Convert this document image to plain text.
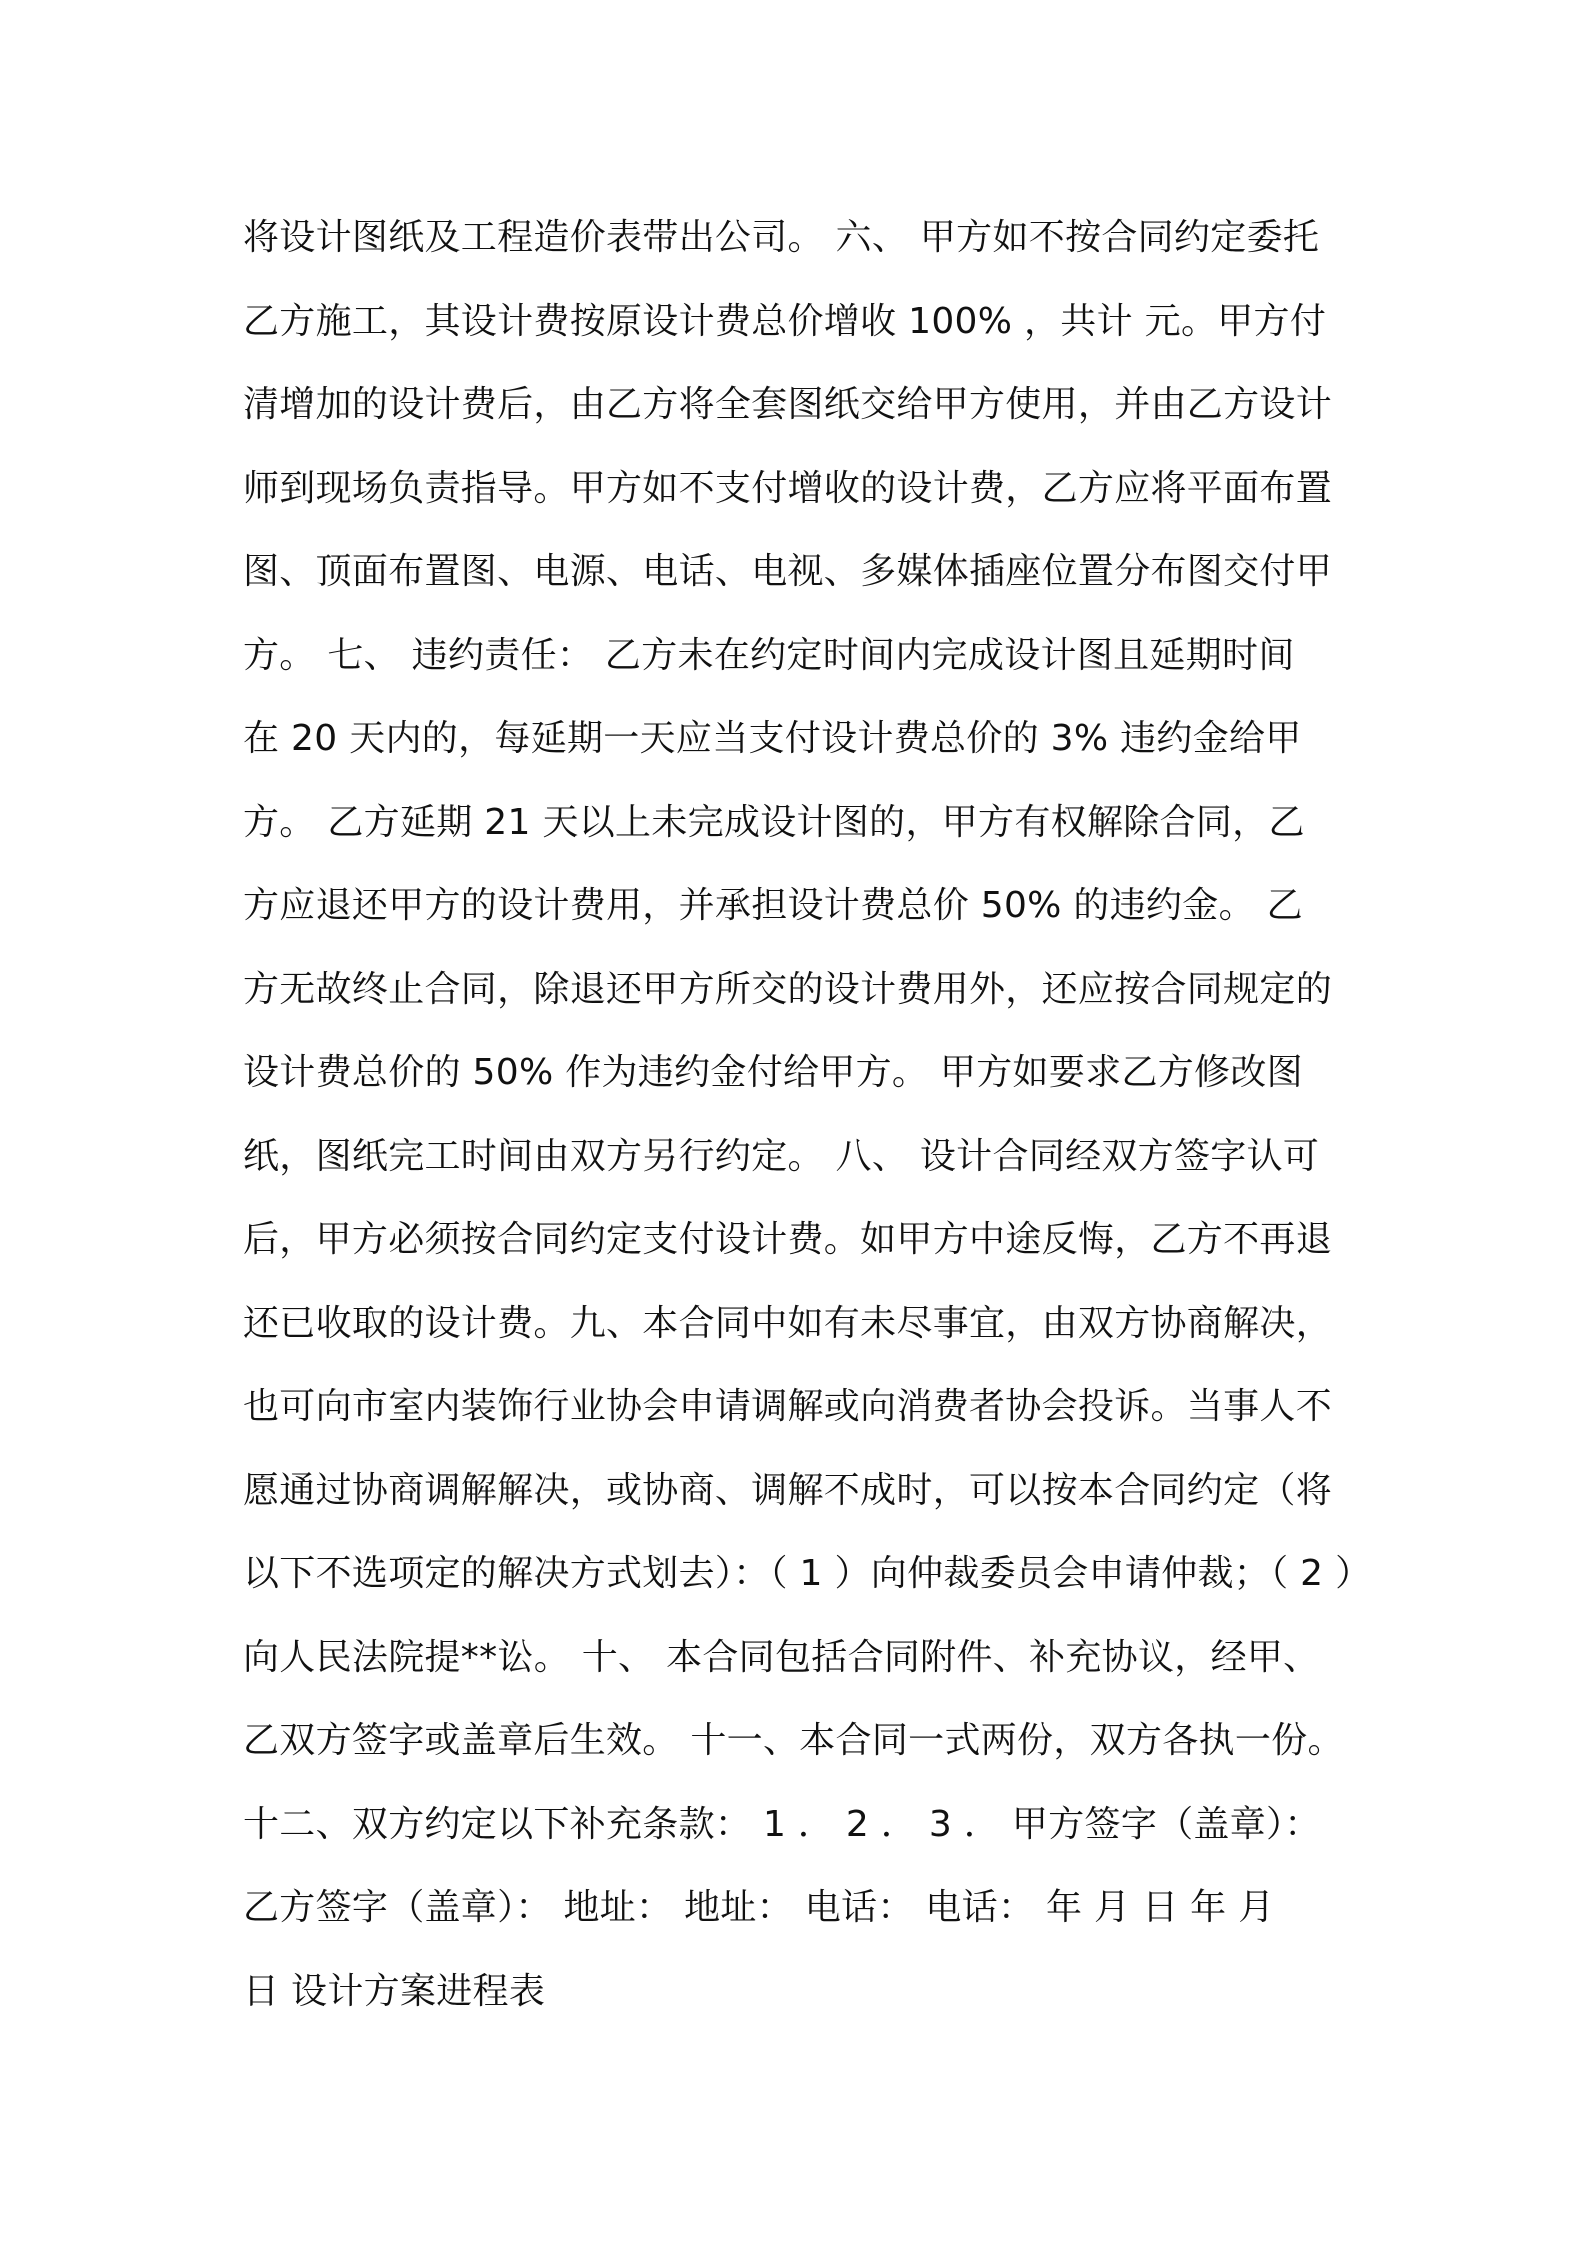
将设计图纸及工程造价表带出公司。 六、 甲方如不按合同约定委托
乙方施工，其设计费按原设计费总价增收 100% ，共计 元。甲方付
清增加的设计费后，由乙方将全套图纸交给甲方使用，并由乙方设计
师到现场负责指导。甲方如不支付增收的设计费，乙方应将平面布置
图、顶面布置图、电源、电话、电视、多媒体插座位置分布图交付甲
方。 七、 违约责任： 乙方未在约定时间内完成设计图且延期时间
在 20 天内的，每延期一天应当支付设计费总价的 3% 违约金给甲
方。 乙方延期 21 天以上未完成设计图的，甲方有权解除合同，乙
方应退还甲方的设计费用，并承担设计费总价 50% 的违约金。 乙
方无故终止合同，除退还甲方所交的设计费用外，还应按合同规定的
设计费总价的 50% 作为违约金付给甲方。 甲方如要求乙方修改图
纸，图纸完工时间由双方另行约定。 八、 设计合同经双方签字认可
后，甲方必须按合同约定支付设计费。如甲方中途反悔，乙方不再退
还已收取的设计费。九、本合同中如有未尽事宜，由双方协商解决，
也可向市室内装饰行业协会申请调解或向消费者协会投诉。当事人不
愿通过协商调解解决，或协商、调解不成时，可以按本合同约定（将
以下不选项定的解决方式划去）：（ 1 ）向仲裁委员会申请仲裁；（ 2 ）
向人民法院提**讼。 十、 本合同包括合同附件、补充协议，经甲、
乙双方签字或盖章后生效。 十一、本合同一式两份，双方各执一份。
十二、双方约定以下补充条款： 1 ． 2 ． 3 ． 甲方签字（盖章）：
乙方签字（盖章）： 地址： 地址： 电话： 电话： 年 月 日 年 月
日 设计方案进程表
